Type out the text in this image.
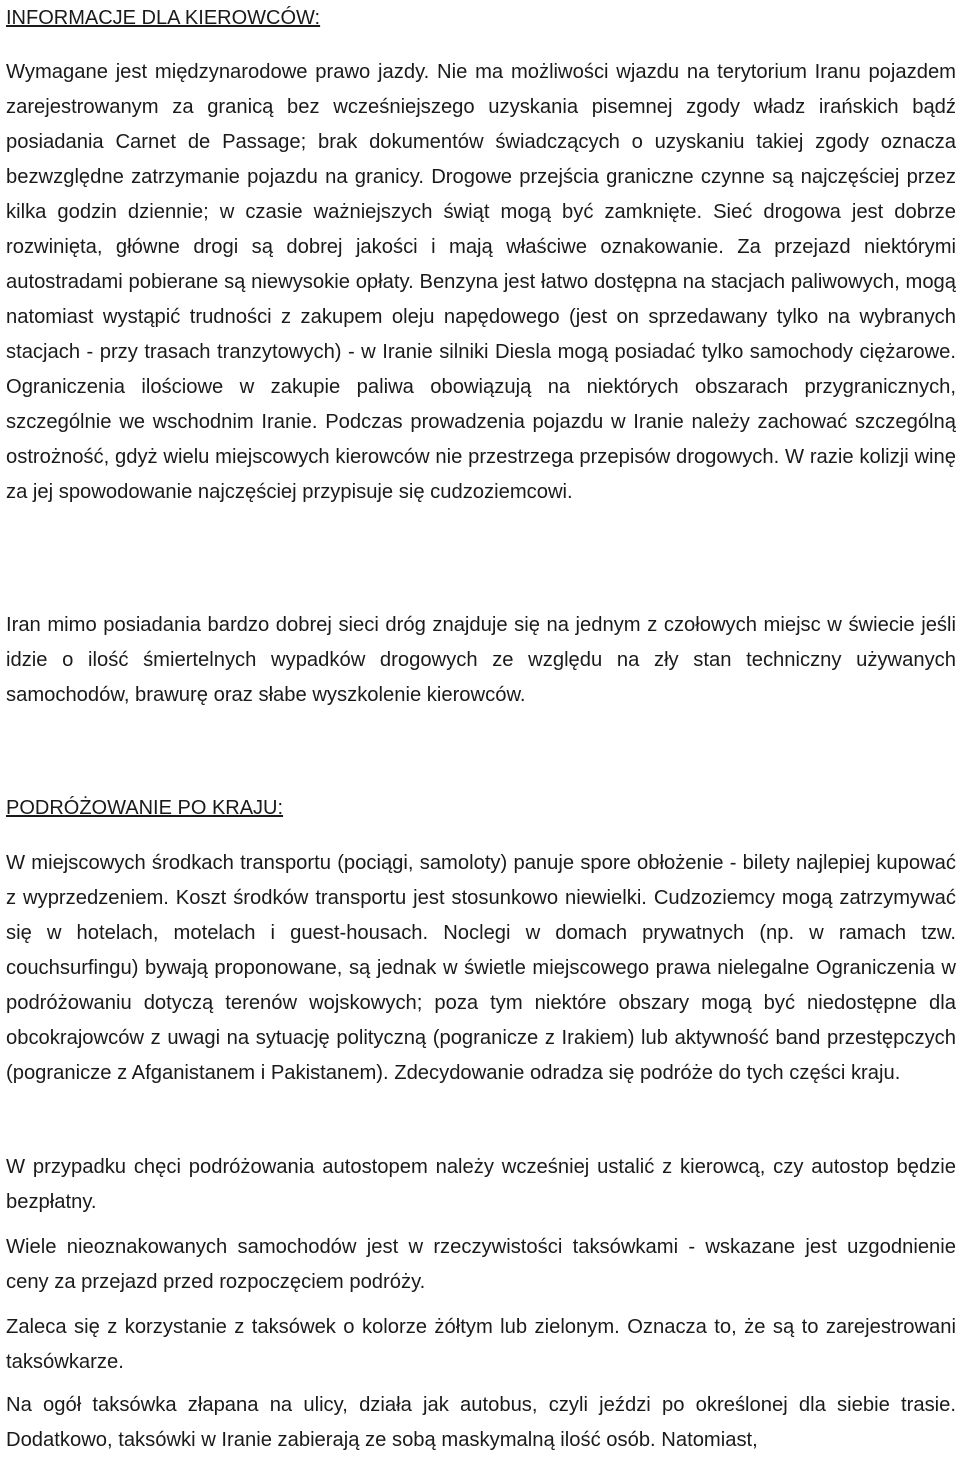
INFORMACJE DLA KIEROWCÓW:

Wymagane jest międzynarodowe prawo jazdy. Nie ma możliwości wjazdu na terytorium Iranu pojazdem zarejestrowanym za granicą bez wcześniejszego uzyskania pisemnej zgody władz irańskich bądź posiadania Carnet de Passage; brak dokumentów świadczących o uzyskaniu takiej zgody oznacza bezwzględne zatrzymanie pojazdu na granicy. Drogowe przejścia graniczne czynne są najczęściej przez kilka godzin dziennie; w czasie ważniejszych świąt mogą być zamknięte. Sieć drogowa jest dobrze rozwinięta, główne drogi są dobrej jakości i mają właściwe oznakowanie. Za przejazd niektórymi autostradami pobierane są niewysokie opłaty. Benzyna jest łatwo dostępna na stacjach paliwowych, mogą natomiast wystąpić trudności z zakupem oleju napędowego (jest on sprzedawany tylko na wybranych stacjach - przy trasach tranzytowych) - w Iranie silniki Diesla mogą posiadać tylko samochody ciężarowe. Ograniczenia ilościowe w zakupie paliwa obowiązują na niektórych obszarach przygranicznych, szczególnie we wschodnim Iranie. Podczas prowadzenia pojazdu w Iranie należy zachować szczególną ostrożność, gdyż wielu miejscowych kierowców nie przestrzega przepisów drogowych. W razie kolizji winę za jej spowodowanie najczęściej przypisuje się cudzoziemcowi.

Iran mimo posiadania bardzo dobrej sieci dróg znajduje się na jednym z czołowych miejsc w świecie jeśli idzie o ilość śmiertelnych wypadków drogowych ze względu na zły stan techniczny używanych samochodów, brawurę oraz słabe wyszkolenie kierowców.

PODRÓŻOWANIE PO KRAJU:

W miejscowych środkach transportu (pociągi, samoloty) panuje spore obłożenie - bilety najlepiej kupować z wyprzedzeniem. Koszt środków transportu jest stosunkowo niewielki. Cudzoziemcy mogą zatrzymywać się w hotelach, motelach i guest-housach. Noclegi w domach prywatnych (np. w ramach tzw. couchsurfingu) bywają proponowane, są jednak w świetle miejscowego prawa nielegalne Ograniczenia w podróżowaniu dotyczą terenów wojskowych; poza tym niektóre obszary mogą być niedostępne dla obcokrajowców z uwagi na sytuację polityczną (pogranicze z Irakiem) lub aktywność band przestępczych (pogranicze z Afganistanem i Pakistanem). Zdecydowanie odradza się podróże do tych części kraju.

W przypadku chęci podróżowania autostopem należy wcześniej ustalić z kierowcą, czy autostop będzie bezpłatny.

Wiele nieoznakowanych samochodów jest w rzeczywistości taksówkami - wskazane jest uzgodnienie ceny za przejazd przed rozpoczęciem podróży.

Zaleca się z korzystanie z taksówek o kolorze żółtym lub zielonym. Oznacza to, że są to zarejestrowani taksówkarze.

Na ogół taksówka złapana na ulicy, działa jak autobus, czyli jeździ po określonej dla siebie trasie. Dodatkowo, taksówki w Iranie zabierają ze sobą maskymalną ilość osób. Natomiast,
